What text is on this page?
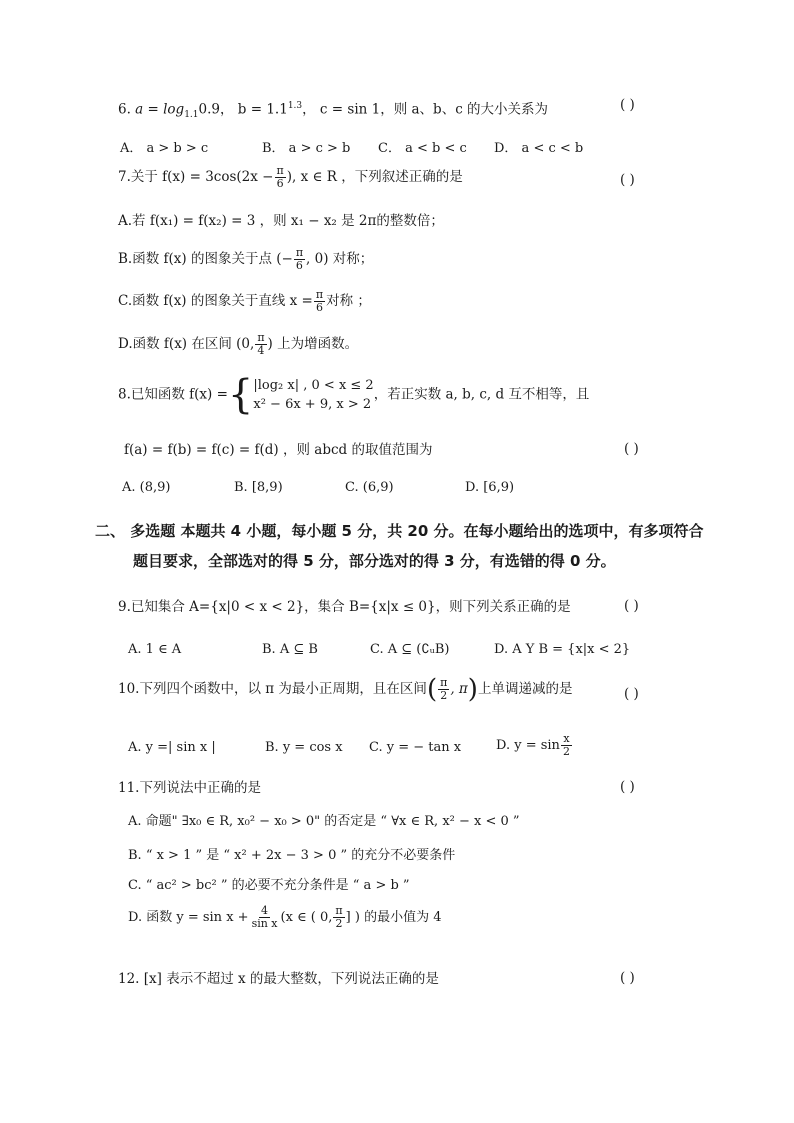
6. $a = \log_{1.1}0.9$， $b = 1.1^{1.3}$， c = sin 1，则 a、b、c 的大小关系为	( )
A． a > b > c	B． a > c > b C． a < b < c D． a < c < b
7.关于 $f(x) = 3\cos(2x - \frac{\pi}{6}$ ), x ∈ R ，下列叙述正确的是	( )
A.若 f(x₁) = f(x₂) = 3 ，则 x₁ − x₂ 是 2π的整数倍；
B.函数 f(x) 的图象关于点 (− $\frac{\pi}{6}$ , 0) 对称；
C.函数 f(x) 的图象关于直线 $x = \frac{\pi}{6}$ 对称 ；
D.函数 f(x) 在区间 (0, $\frac{\pi}{4}$ ) 上为增函数。
8.已知函数 f(x) ={ |log₂ x| , 0 < x ≤ 2
x² − 6x + 9, x > 2
，若正实数 a, b, c, d 互不相等，且
f(a) = f(b) = f(c) = f(d) ，则 abcd 的取值范围为	( )
A. (8,9)	B. [8,9)	C. (6,9)	D. [6,9)
二、 多选题 本题共 4 小题，每小题 5 分，共 20 分。在每小题给出的选项中，有多项符合
题目要求，全部选对的得 5 分，部分选对的得 3 分，有选错的得 0 分。
9.已知集合 A={x|0 < x < 2}，集合 B={x|x ≤ 0}，则下列关系正确的是	( )
A. 1 ∈ A	B. A ⊆ B	C. A ⊆ (∁ᵤB)	D. A Y B = {x|x < 2}
10.下列四个函数中，以 π 为最小正周期，且在区间( $\frac{\pi}{2}$ , π)上单调递减的是	( )
A. y =| sin x |	B. y = cos x C. y = − tan x	D. $y = \sin \frac{x}{2}$
11.下列说法中正确的是	( )
A. 命题" ∃x₀ ∈ R, x₀² − x₀ > 0" 的否定是 “ ∀x ∈ R, x² − x < 0 ”
B. “ x > 1 ” 是 “ x² + 2x − 3 > 0 ” 的充分不必要条件
C. “ ac² > bc² ” 的必要不充分条件是 “ a > b ”
D. 函数 $y = \sin x + \frac{4}{\text{sin x}} (x$ ∈ ( 0, $\frac{\pi}{2}$ ] ) 的最小值为 4
12. [x] 表示不超过 x 的最大整数，下列说法正确的是	( )
